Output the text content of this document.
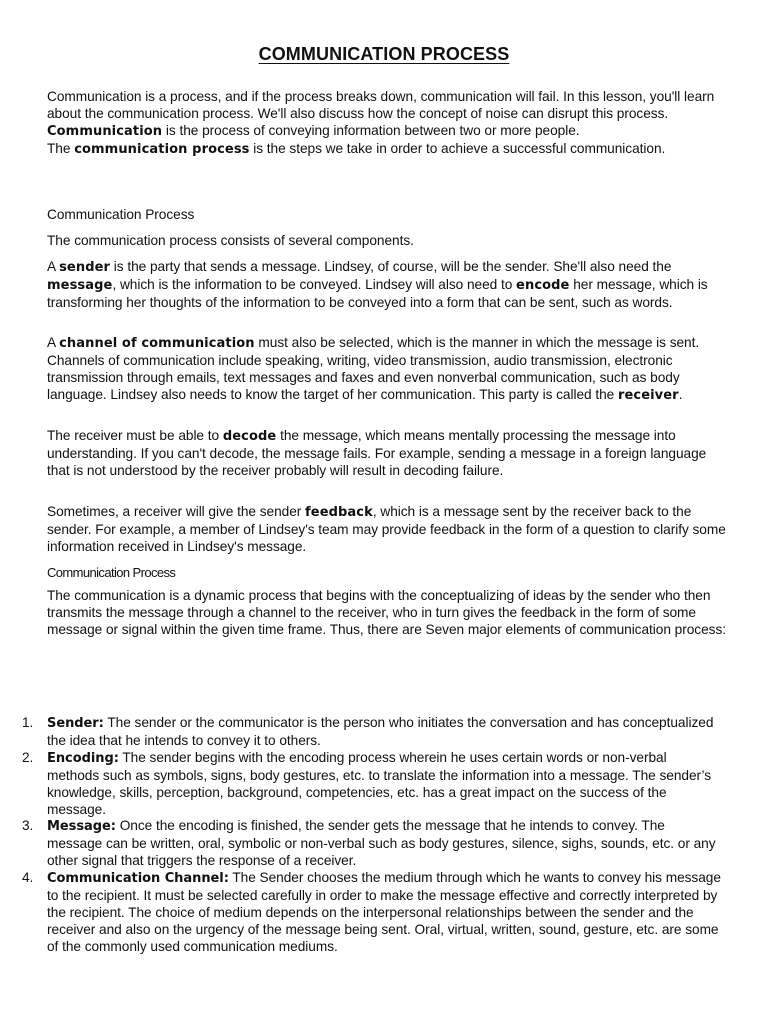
COMMUNICATION PROCESS

Communication is a process, and if the process breaks down, communication will fail. In this lesson, you'll learn about the communication process. We'll also discuss how the concept of noise can disrupt this process.

Communication is the process of conveying information between two or more people.

The communication process is the steps we take in order to achieve a successful communication.

Communication Process
The communication process consists of several components.
A sender is the party that sends a message. Lindsey, of course, will be the sender. She'll also need the message, which is the information to be conveyed. Lindsey will also need to encode her message, which is transforming her thoughts of the information to be conveyed into a form that can be sent, such as words.
A channel of communication must also be selected, which is the manner in which the message is sent. Channels of communication include speaking, writing, video transmission, audio transmission, electronic transmission through emails, text messages and faxes and even nonverbal communication, such as body language. Lindsey also needs to know the target of her communication. This party is called the receiver.
The receiver must be able to decode the message, which means mentally processing the message into understanding. If you can't decode, the message fails. For example, sending a message in a foreign language that is not understood by the receiver probably will result in decoding failure.
Sometimes, a receiver will give the sender feedback, which is a message sent by the receiver back to the sender. For example, a member of Lindsey's team may provide feedback in the form of a question to clarify some information received in Lindsey's message.
Communication Process
The communication is a dynamic process that begins with the conceptualizing of ideas by the sender who then transmits the message through a channel to the receiver, who in turn gives the feedback in the form of some message or signal within the given time frame. Thus, there are Seven major elements of communication process:
1.	Sender: The sender or the communicator is the person who initiates the conversation and has conceptualized the idea that he intends to convey it to others.
2.	Encoding: The sender begins with the encoding process wherein he uses certain words or non-verbal methods such as symbols, signs, body gestures, etc. to translate the information into a message. The sender’s knowledge, skills, perception, background, competencies, etc. has a great impact on the success of the message.
3.	Message: Once the encoding is finished, the sender gets the message that he intends to convey. The message can be written, oral, symbolic or non-verbal such as body gestures, silence, sighs, sounds, etc. or any other signal that triggers the response of a receiver.
4.	Communication Channel: The Sender chooses the medium through which he wants to convey his message to the recipient. It must be selected carefully in order to make the message effective and correctly interpreted by the recipient. The choice of medium depends on the interpersonal relationships between the sender and the receiver and also on the urgency of the message being sent. Oral, virtual, written, sound, gesture, etc. are some of the commonly used communication mediums.
